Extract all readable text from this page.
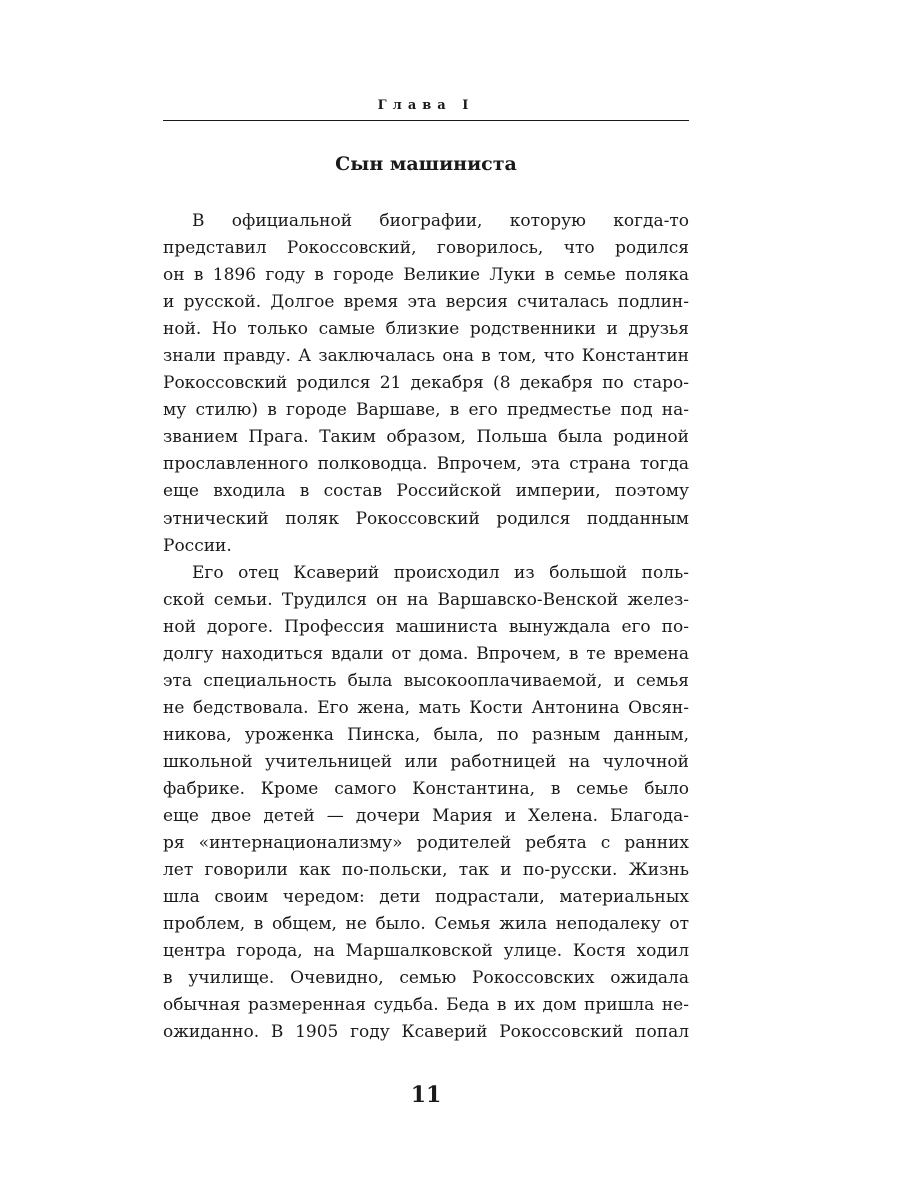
Глава I
Сын машиниста
В официальной биографии, которую когда-то
представил Рокоссовский, говорилось, что родился
он в 1896 году в городе Великие Луки в семье поляка
и русской. Долгое время эта версия считалась подлин-
ной. Но только самые близкие родственники и друзья
знали правду. А заключалась она в том, что Константин
Рокоссовский родился 21 декабря (8 декабря по старо-
му стилю) в городе Варшаве, в его предместье под на-
званием Прага. Таким образом, Польша была родиной
прославленного полководца. Впрочем, эта страна тогда
еще входила в состав Российской империи, поэтому
этнический поляк Рокоссовский родился подданным
России.
Его отец Ксаверий происходил из большой поль-
ской семьи. Трудился он на Варшавско-Венской желез-
ной дороге. Профессия машиниста вынуждала его по-
долгу находиться вдали от дома. Впрочем, в те времена
эта специальность была высокооплачиваемой, и семья
не бедствовала. Его жена, мать Кости Антонина Овсян-
никова, уроженка Пинска, была, по разным данным,
школьной учительницей или работницей на чулочной
фабрике. Кроме самого Константина, в семье было
еще двое детей — дочери Мария и Хелена. Благода-
ря «интернационализму» родителей ребята с ранних
лет говорили как по-польски, так и по-русски. Жизнь
шла своим чередом: дети подрастали, материальных
проблем, в общем, не было. Семья жила неподалеку от
центра города, на Маршалковской улице. Костя ходил
в училище. Очевидно, семью Рокоссовских ожидала
обычная размеренная судьба. Беда в их дом пришла не-
ожиданно. В 1905 году Ксаверий Рокоссовский попал
11
